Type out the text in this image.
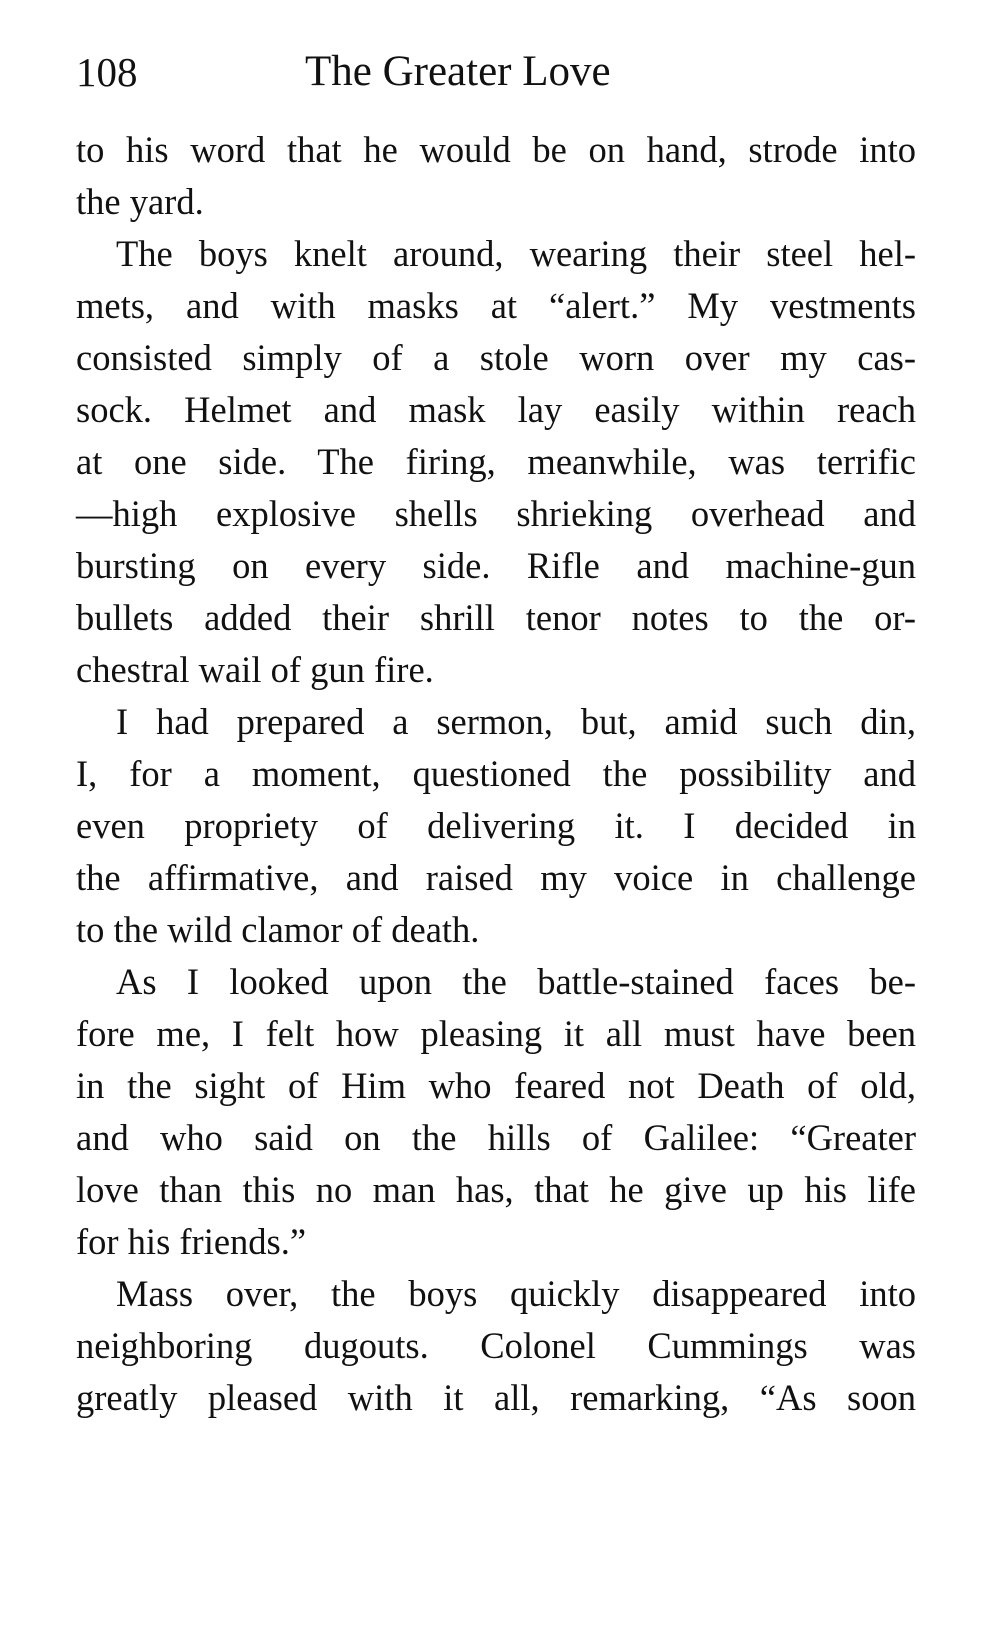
108	The Greater Love
to his word that he would be on hand, strode into
the yard.
The boys knelt around, wearing their steel hel-
mets, and with masks at “alert.” My vestments
consisted simply of a stole worn over my cas-
sock. Helmet and mask lay easily within reach
at one side. The firing, meanwhile, was terrific
—high explosive shells shrieking overhead and
bursting on every side. Rifle and machine-gun
bullets added their shrill tenor notes to the or-
chestral wail of gun fire.
I had prepared a sermon, but, amid such din,
I, for a moment, questioned the possibility and
even propriety of delivering it. I decided in
the affirmative, and raised my voice in challenge
to the wild clamor of death.
As I looked upon the battle-stained faces be-
fore me, I felt how pleasing it all must have been
in the sight of Him who feared not Death of old,
and who said on the hills of Galilee: “Greater
love than this no man has, that he give up his life
for his friends.”
Mass over, the boys quickly disappeared into
neighboring dugouts. Colonel Cummings was
greatly pleased with it all, remarking, “As soon
